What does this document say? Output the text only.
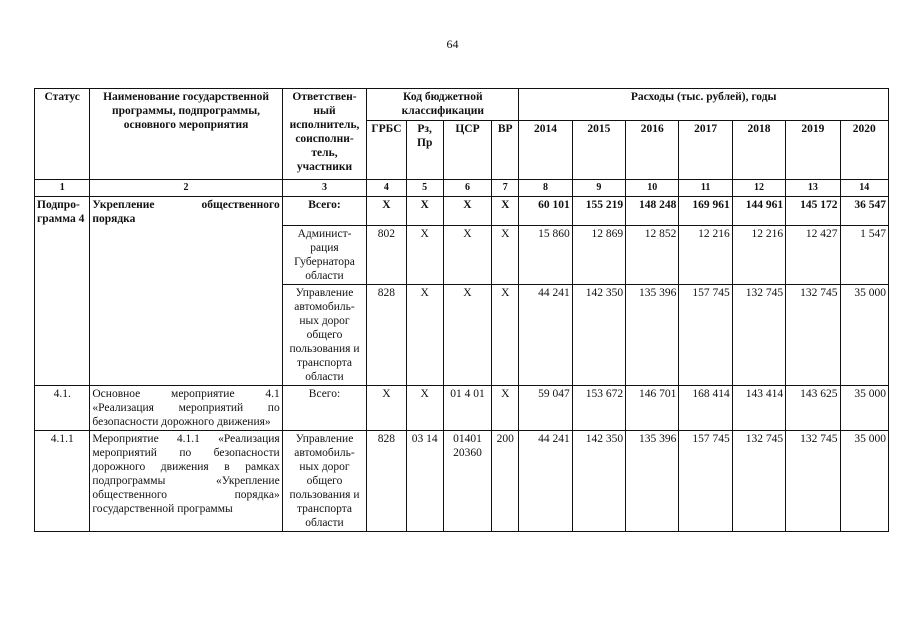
64
Статус	Наименование государственной программы, подпрограммы, основного мероприятия	Ответствен- ный исполнитель, соисполни- тель, участники	Код бюджетной классификации				Расходы (тыс. рублей), годы						
			ГРБС	Рз, Пр	ЦСР	ВР	2014	2015	2016	2017	2018	2019	2020
1	2	3	4	5	6	7	8	9	10	11	12	13	14
Подпро- грамма 4	Укрепление общественного порядка	Всего:	Х	Х	Х	Х	60 101	155 219	148 248	169 961	144 961	145 172	36 547
		Админист- рация Губернатора области	802	Х	Х	Х	15 860	12 869	12 852	12 216	12 216	12 427	1 547
		Управление автомобиль- ных дорог общего пользования и транспорта области	828	Х	Х	Х	44 241	142 350	135 396	157 745	132 745	132 745	35 000
4.1.	Основное мероприятие 4.1 «Реализация мероприятий по безопасности дорожного движения»	Всего:	Х	Х	01 4 01	Х	59 047	153 672	146 701	168 414	143 414	143 625	35 000
4.1.1	Мероприятие 4.1.1 «Реализация мероприятий по безопасности дорожного движения в рамках подпрограммы «Укрепление общественного порядка» государственной программы	Управление автомобиль- ных дорог общего пользования и транспорта области	828	03 14	01401 20360	200	44 241	142 350	135 396	157 745	132 745	132 745	35 000
